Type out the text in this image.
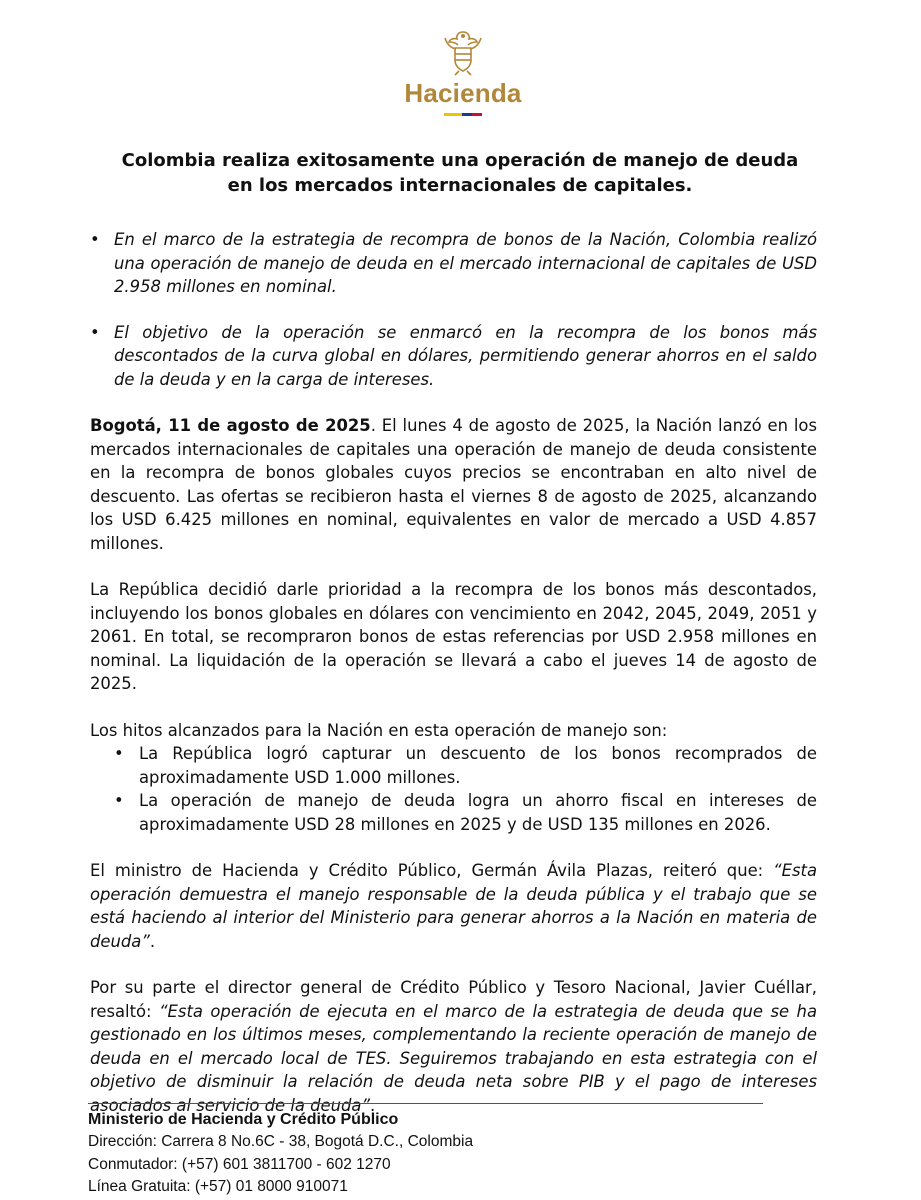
Hacienda
Colombia realiza exitosamente una operación de manejo de deuda
en los mercados internacionales de capitales.
• En el marco de la estrategia de recompra de bonos de la Nación, Colombia realizó una operación de manejo de deuda en el mercado internacional de capitales de USD 2.958 millones en nominal.
• El objetivo de la operación se enmarcó en la recompra de los bonos más descontados de la curva global en dólares, permitiendo generar ahorros en el saldo de la deuda y en la carga de intereses.

Bogotá, 11 de agosto de 2025. El lunes 4 de agosto de 2025, la Nación lanzó en los mercados internacionales de capitales una operación de manejo de deuda consistente en la recompra de bonos globales cuyos precios se encontraban en alto nivel de descuento. Las ofertas se recibieron hasta el viernes 8 de agosto de 2025, alcanzando los USD 6.425 millones en nominal, equivalentes en valor de mercado a USD 4.857 millones.

La República decidió darle prioridad a la recompra de los bonos más descontados, incluyendo los bonos globales en dólares con vencimiento en 2042, 2045, 2049, 2051 y 2061. En total, se recompraron bonos de estas referencias por USD 2.958 millones en nominal. La liquidación de la operación se llevará a cabo el jueves 14 de agosto de 2025.

Los hitos alcanzados para la Nación en esta operación de manejo son:

• La República logró capturar un descuento de los bonos recomprados de aproximadamente USD 1.000 millones.
• La operación de manejo de deuda logra un ahorro fiscal en intereses de aproximadamente USD 28 millones en 2025 y de USD 135 millones en 2026.

El ministro de Hacienda y Crédito Público, Germán Ávila Plazas, reiteró que: “Esta operación demuestra el manejo responsable de la deuda pública y el trabajo que se está haciendo al interior del Ministerio para generar ahorros a la Nación en materia de deuda”.

Por su parte el director general de Crédito Público y Tesoro Nacional, Javier Cuéllar, resaltó: “Esta operación de ejecuta en el marco de la estrategia de deuda que se ha gestionado en los últimos meses, complementando la reciente operación de manejo de deuda en el mercado local de TES. Seguiremos trabajando en esta estrategia con el objetivo de disminuir la relación de deuda neta sobre PIB y el pago de intereses asociados al servicio de la deuda”.

Ministerio de Hacienda y Crédito Público
Dirección: Carrera 8 No.6C - 38, Bogotá D.C., Colombia
Conmutador: (+57) 601 3811700 - 602 1270
Línea Gratuita: (+57) 01 8000 910071
